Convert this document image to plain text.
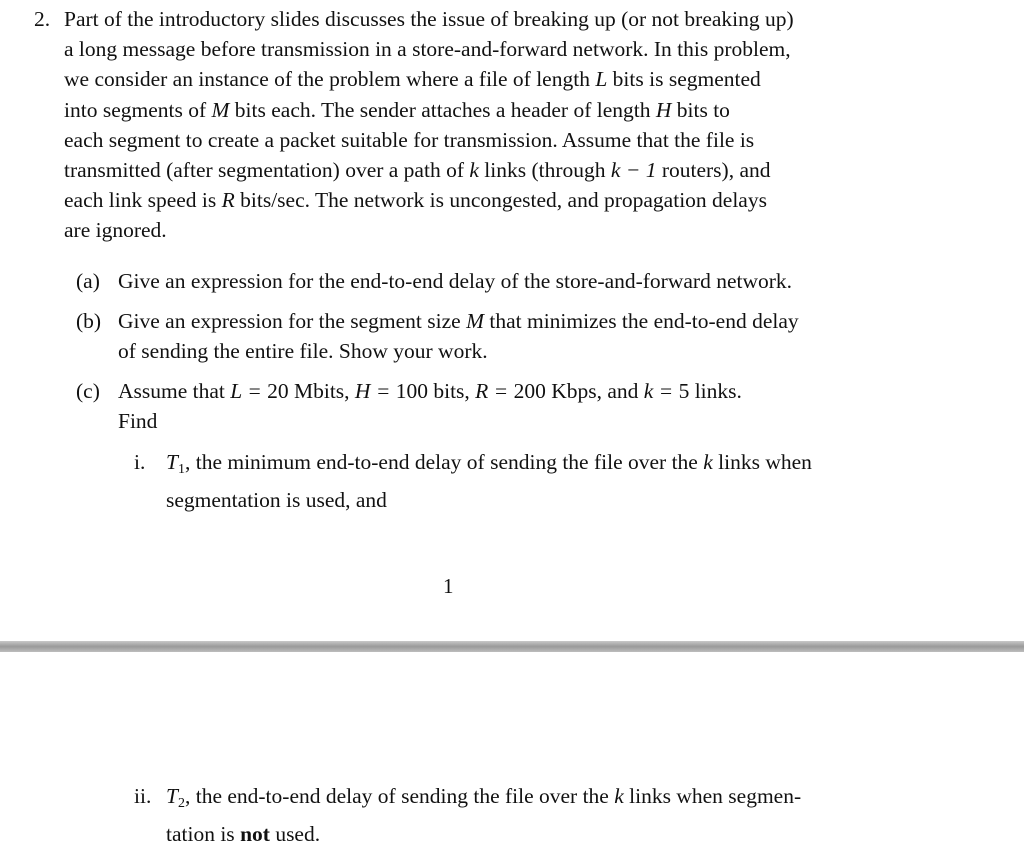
2. Part of the introductory slides discusses the issue of breaking up (or not breaking up)
a long message before transmission in a store-and-forward network. In this problem,
we consider an instance of the problem where a file of length L bits is segmented
into segments of M bits each. The sender attaches a header of length H bits to
each segment to create a packet suitable for transmission. Assume that the file is
transmitted (after segmentation) over a path of k links (through k − 1 routers), and
each link speed is R bits/sec. The network is uncongested, and propagation delays
are ignored.
(a) Give an expression for the end-to-end delay of the store-and-forward network.
(b) Give an expression for the segment size M that minimizes the end-to-end delay
of sending the entire file. Show your work.
(c) Assume that L = 20 Mbits, H = 100 bits, R = 200 Kbps, and k = 5 links.
Find
i. $T_1$, the minimum end-to-end delay of sending the file over the k links when
segmentation is used, and
1
ii. $T_2$, the end-to-end delay of sending the file over the k links when segmen-
tation is not used.
